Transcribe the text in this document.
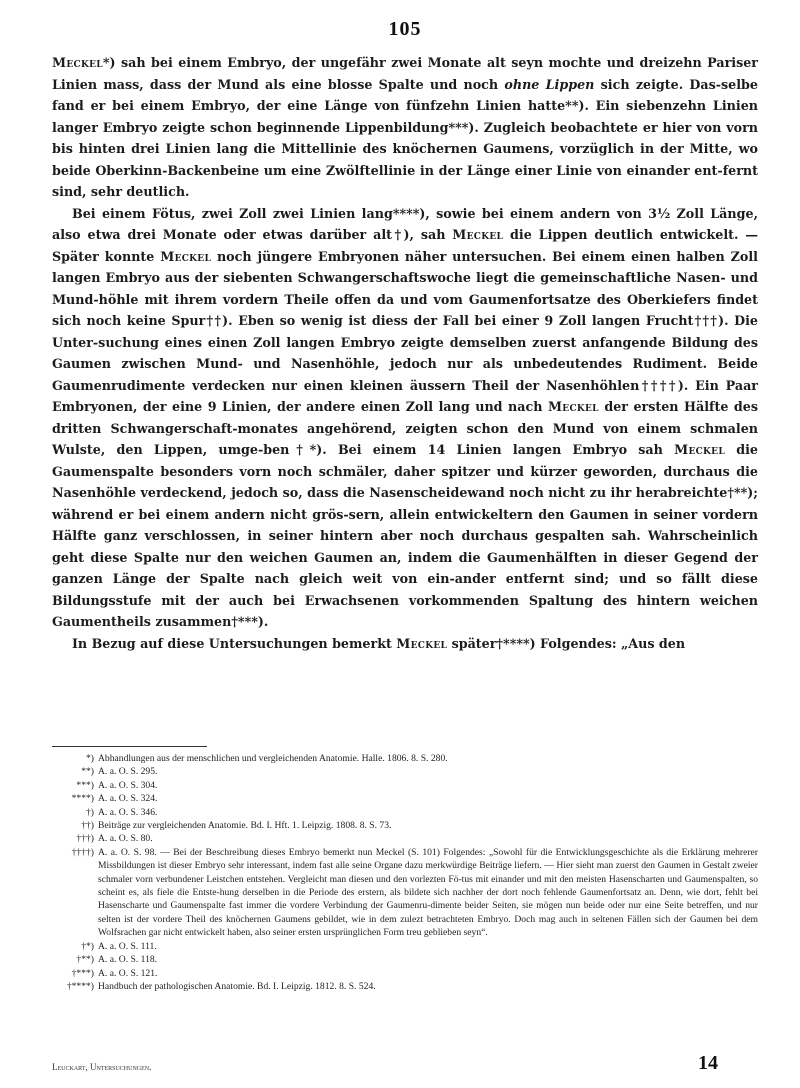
105

Meckel*) sah bei einem Embryo, der ungefähr zwei Monate alt seyn mochte und dreizehn Pariser Linien mass, dass der Mund als eine blosse Spalte und noch ohne Lippen sich zeigte. Das-selbe fand er bei einem Embryo, der eine Länge von fünfzehn Linien hatte**). Ein siebenzehn Linien langer Embryo zeigte schon beginnende Lippenbildung***). Zugleich beobachtete er hier von vorn bis hinten drei Linien lang die Mittellinie des knöchernen Gaumens, vorzüglich in der Mitte, wo beide Oberkinn-Backenbeine um eine Zwölftellinie in der Länge einer Linie von einander ent-fernt sind, sehr deutlich.

Bei einem Fötus, zwei Zoll zwei Linien lang****), sowie bei einem andern von 3½ Zoll Länge, also etwa drei Monate oder etwas darüber alt†), sah Meckel die Lippen deutlich entwickelt. — Später konnte Meckel noch jüngere Embryonen näher untersuchen. Bei einem einen halben Zoll langen Embryo aus der siebenten Schwangerschaftswoche liegt die gemeinschaftliche Nasen- und Mund-höhle mit ihrem vordern Theile offen da und vom Gaumenfortsatze des Oberkiefers findet sich noch keine Spur††). Eben so wenig ist diess der Fall bei einer 9 Zoll langen Frucht†††). Die Unter-suchung eines einen Zoll langen Embryo zeigte demselben zuerst anfangende Bildung des Gaumen zwischen Mund- und Nasenhöhle, jedoch nur als unbedeutendes Rudiment. Beide Gaumenrudimente verdecken nur einen kleinen äussern Theil der Nasenhöhlen††††). Ein Paar Embryonen, der eine 9 Linien, der andere einen Zoll lang und nach Meckel der ersten Hälfte des dritten Schwangerschaft-monates angehörend, zeigten schon den Mund von einem schmalen Wulste, den Lippen, umge-ben†*). Bei einem 14 Linien langen Embryo sah Meckel die Gaumenspalte besonders vorn noch schmäler, daher spitzer und kürzer geworden, durchaus die Nasenhöhle verdeckend, jedoch so, dass die Nasenscheidewand noch nicht zu ihr herabreichte†**); während er bei einem andern nicht grös-sern, allein entwickeltern den Gaumen in seiner vordern Hälfte ganz verschlossen, in seiner hintern aber noch durchaus gespalten sah. Wahrscheinlich geht diese Spalte nur den weichen Gaumen an, indem die Gaumenhälften in dieser Gegend der ganzen Länge der Spalte nach gleich weit von ein-ander entfernt sind; und so fällt diese Bildungsstufe mit der auch bei Erwachsenen vorkommenden Spaltung des hintern weichen Gaumentheils zusammen†***).

In Bezug auf diese Untersuchungen bemerkt Meckel später†****) Folgendes: „Aus den

*) Abhandlungen aus der menschlichen und vergleichenden Anatomie. Halle. 1806. 8. S. 280.
**) A. a. O. S. 295.
***) A. a. O. S. 304.
****) A. a. O. S. 324.
†) A. a. O. S. 346.
††) Beiträge zur vergleichenden Anatomie. Bd. I. Hft. 1. Leipzig. 1808. 8. S. 73.
†††) A. a. O. S. 80.
††††) A. a. O. S. 98. — Bei der Beschreibung dieses Embryo bemerkt nun Meckel (S. 101) Folgendes: „Sowohl für die Entwicklungsgeschichte als die Erklärung mehrerer Missbildungen ist dieser Embryo sehr interessant, indem fast alle seine Organe dazu merkwürdige Beiträge liefern. — Hier sieht man zuerst den Gaumen in Gestalt zweier schmaler vorn verbundener Leistchen entstehen. Vergleicht man diesen und den vorlezten Fö-tus mit einander und mit den meisten Hasenscharten und Gaumenspalten, so scheint es, als fiele die Entste-hung derselben in die Periode des erstern, als bildete sich nachher der dort noch fehlende Gaumenfortsatz an. Denn, wie dort, fehlt bei Hasenscharte und Gaumenspalte fast immer die vordere Verbindung der Gaumenru-dimente beider Seiten, sie mögen nun beide oder nur eine Seite betreffen, und nur selten ist der vordere Theil des knöchernen Gaumens gebildet, wie in dem zulezt betrachteten Embryo. Doch mag auch in seltenen Fällen sich der Gaumen bei dem Wolfsrachen gar nicht entwickelt haben, also seiner ersten ursprünglichen Form treu geblieben seyn“.
†*) A. a. O. S. 111.
†**) A. a. O. S. 118.
†***) A. a. O. S. 121.
†****) Handbuch der pathologischen Anatomie. Bd. I. Leipzig. 1812. 8. S. 524.
Leuckart, Untersuchungen.	14
